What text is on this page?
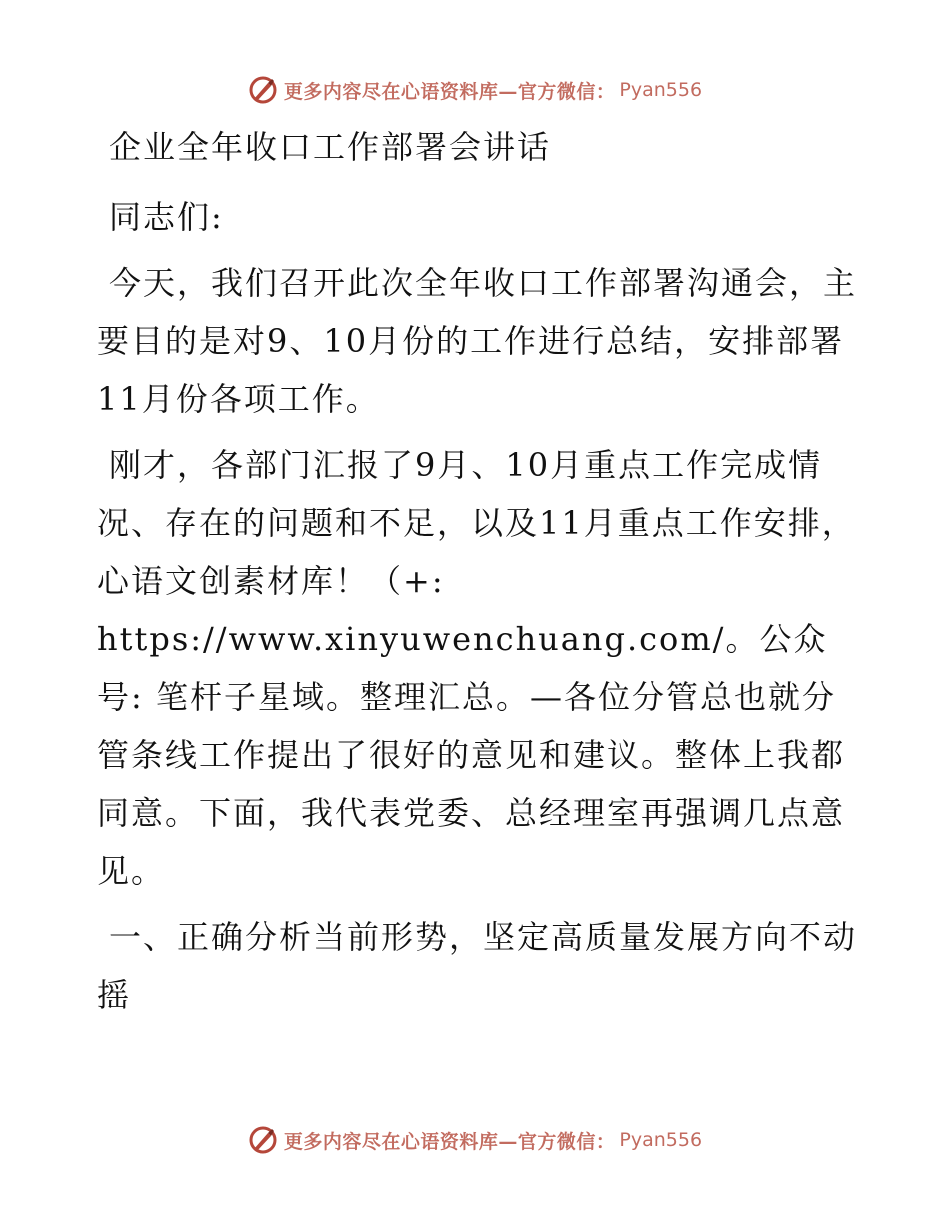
更多内容尽在心语资料库—官方微信： Pyan556

企业全年收口工作部署会讲话

同志们:

今天，我们召开此次全年收口工作部署沟通会，主要目的是对9、10月份的工作进行总结，安排部署11月份各项工作。

刚才，各部门汇报了9月、10月重点工作完成情况、存在的问题和不足，以及11月重点工作安排，心语文创素材库！（+: https://www.xinyuwenchuang.com/。公众号: 笔杆子星域。整理汇总。—各位分管总也就分管条线工作提出了很好的意见和建议。整体上我都同意。下面，我代表党委、总经理室再强调几点意见。

一、正确分析当前形势，坚定高质量发展方向不动摇

更多内容尽在心语资料库—官方微信： Pyan556
